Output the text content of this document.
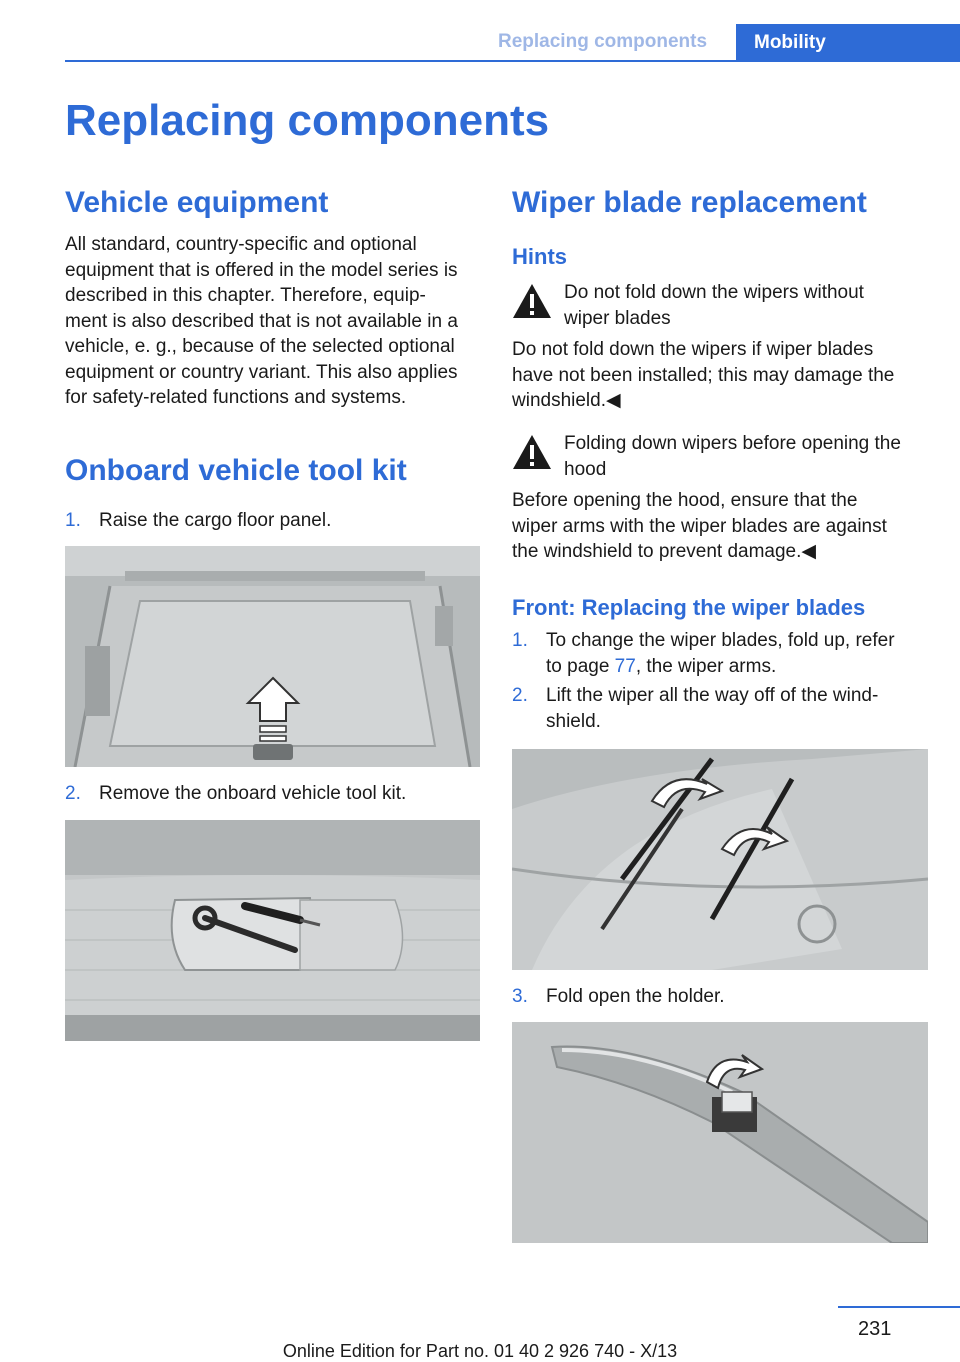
Replacing components	Mobility
Replacing components
Vehicle equipment
All standard, country-specific and optional
equipment that is offered in the model series is
described in this chapter. Therefore, equip-
ment is also described that is not available in a
vehicle, e. g., because of the selected optional
equipment or country variant. This also applies
for safety-related functions and systems.
Onboard vehicle tool kit
1. Raise the cargo floor panel.
2. Remove the onboard vehicle tool kit.
Wiper blade replacement
Hints
Do not fold down the wipers without
wiper blades
Do not fold down the wipers if wiper blades
have not been installed; this may damage the
windshield.◀
Folding down wipers before opening the
hood
Before opening the hood, ensure that the
wiper arms with the wiper blades are against
the windshield to prevent damage.◀
Front: Replacing the wiper blades
1. To change the wiper blades, fold up, refer
to page 77, the wiper arms.
2. Lift the wiper all the way off of the wind-
shield.
3. Fold open the holder.
231
Online Edition for Part no. 01 40 2 926 740 - X/13
